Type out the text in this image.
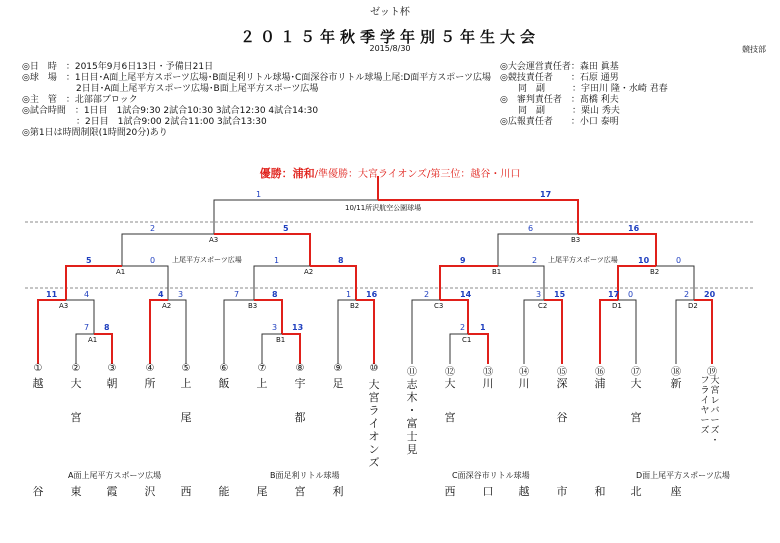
ゼット杯
２０１５年秋季学年別５年生大会
2015/8/30	競技部
◎日　時　：2015年9月6日13日・予備日21日
◎球　場　：1日目･A面上尾平方スポーツ広場･B面足利リトル球場･C面深谷市リトル球場上尾:D面平方スポーツ広場
　　　　　　2日目･A面上尾平方スポーツ広場･B面上尾平方スポーツ広場
◎主　管　：北部部ブロック
◎試合時間　：1日目　1試合9:30 2試合10:30 3試合12:30 4試合14:30
　　　　　　：2日目　1試合9:00 2試合11:00 3試合13:30
◎第1日は時間制限(1時間20分)あり
◎大会運営責任者：森田 眞基
◎競技責任者　　：石原 通男
　　同　副　　　：宇田川 隆・水崎 君春
◎　審判責任者　：髙橋 利夫
　　同　副　　　：栗山 秀夫
◎広報責任者　　：小口 泰明
優勝：浦和/準優勝：大宮ライオンズ/第三位：越谷・川口
上尾平方スポーツ広場	上尾平方スポーツ広場
10/11所沢航空公園球場
A3	B3
A1	A2	B1	B2
A3	A2	B3	B2	C3	C2	D1	D2
A1	B1	C1
1	17
2	5	6	16
5	0	1	8	9	2	10	0
11	4	4 3	7	8	1 16	2	14	3 15	17 0	2 20
7 8	3 13	2 1
①
越

谷
②
大
宮

東
③
朝

霞
④
所

沢
⑤
上
尾

西
⑥
飯

能
⑦
上

尾
⑧
宇
都

宮
⑨
足

利
⑩
大
宮
ラ
イ
オ
ン
ズ
⑪
志
木
・
富
士
見
⑫
大
宮

西
⑬
川

口
⑭
川

越
⑮
深
谷

市
⑯
浦

和
⑰
大
宮

北
⑱
新

座
⑲
大
宮
レ
バ
ー
ズ
・
フ
ラ
イ
ヤ
ー
ズ
A面上尾平方スポーツ広場	B面足利リトル球場	C面深谷市リトル球場	D面上尾平方スポーツ広場
